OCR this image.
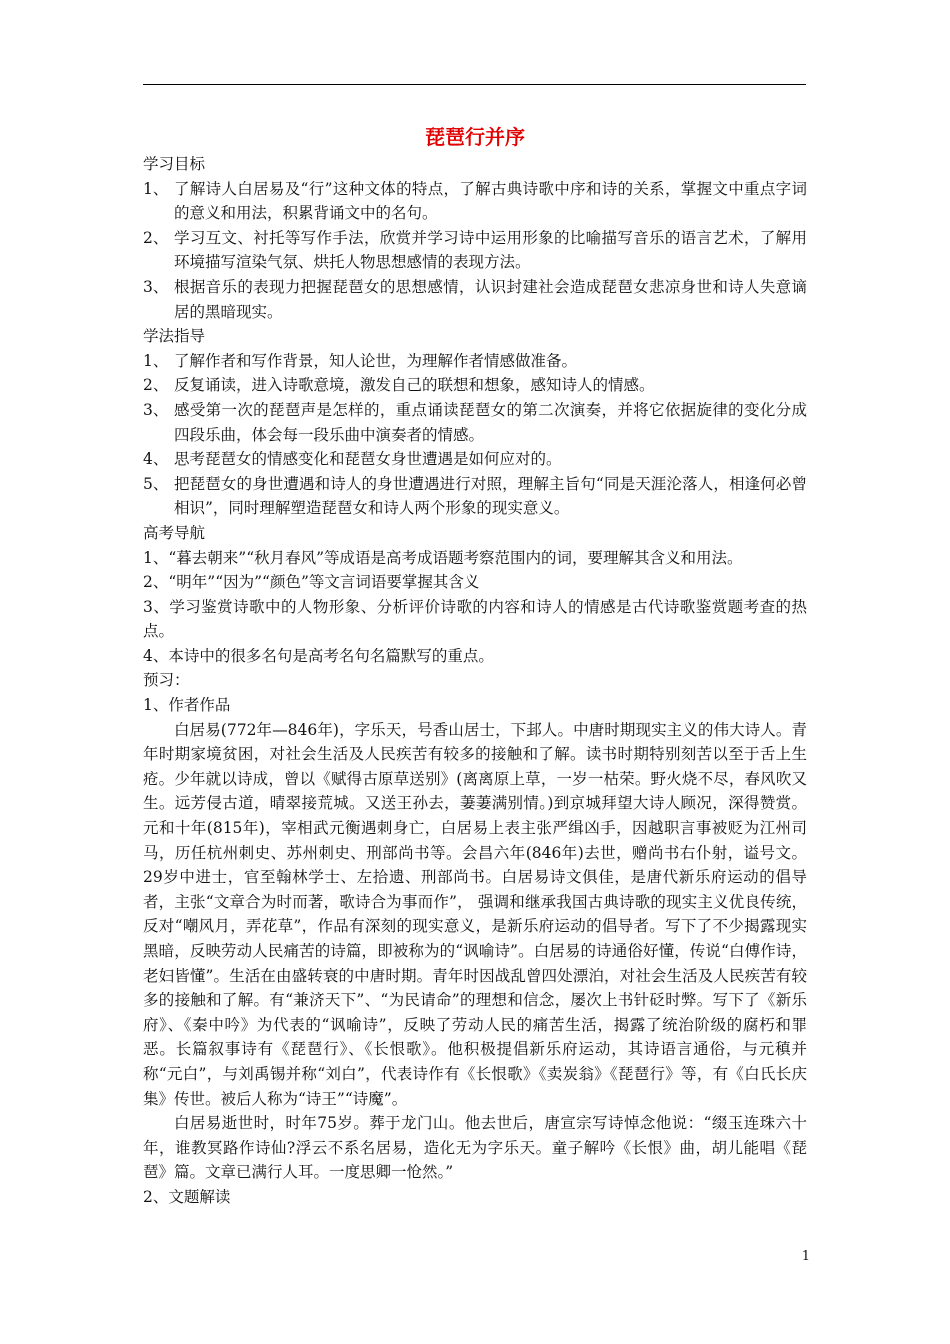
琵琶行并序
学习目标
1、 了解诗人白居易及“行”这种文体的特点，了解古典诗歌中序和诗的关系，掌握文中重点字词的意义和用法，积累背诵文中的名句。
2、 学习互文、衬托等写作手法，欣赏并学习诗中运用形象的比喻描写音乐的语言艺术，了解用环境描写渲染气氛、烘托人物思想感情的表现方法。
3、 根据音乐的表现力把握琵琶女的思想感情，认识封建社会造成琵琶女悲凉身世和诗人失意谪居的黑暗现实。
学法指导
1、 了解作者和写作背景，知人论世，为理解作者情感做准备。
2、 反复诵读，进入诗歌意境，激发自己的联想和想象，感知诗人的情感。
3、 感受第一次的琵琶声是怎样的，重点诵读琵琶女的第二次演奏，并将它依据旋律的变化分成四段乐曲，体会每一段乐曲中演奏者的情感。
4、 思考琵琶女的情感变化和琵琶女身世遭遇是如何应对的。
5、 把琵琶女的身世遭遇和诗人的身世遭遇进行对照，理解主旨句“同是天涯沦落人，相逢何必曾相识”，同时理解塑造琵琶女和诗人两个形象的现实意义。
高考导航
1、“暮去朝来”“秋月春风”等成语是高考成语题考察范围内的词，要理解其含义和用法。
2、“明年”“因为”“颜色”等文言词语要掌握其含义
3、学习鉴赏诗歌中的人物形象、分析评价诗歌的内容和诗人的情感是古代诗歌鉴赏题考查的热点。
4、本诗中的很多名句是高考名句名篇默写的重点。
预习：
1、作者作品
白居易(772年—846年)，字乐天，号香山居士，下邽人。中唐时期现实主义的伟大诗人。青年时期家境贫困，对社会生活及人民疾苦有较多的接触和了解。读书时期特别刻苦以至于舌上生疮。少年就以诗成，曾以《赋得古原草送别》(离离原上草，一岁一枯荣。野火烧不尽，春风吹又生。远芳侵古道，晴翠接荒城。又送王孙去，萋萋满别情。)到京城拜望大诗人顾况，深得赞赏。元和十年(815年)，宰相武元衡遇刺身亡，白居易上表主张严缉凶手，因越职言事被贬为江州司马，历任杭州刺史、苏州刺史、刑部尚书等。会昌六年(846年)去世，赠尚书右仆射，谥号文。29岁中进士，官至翰林学士、左拾遗、刑部尚书。白居易诗文俱佳，是唐代新乐府运动的倡导者，主张“文章合为时而著，歌诗合为事而作”， 强调和继承我国古典诗歌的现实主义优良传统，反对“嘲风月，弄花草”，作品有深刻的现实意义，是新乐府运动的倡导者。写下了不少揭露现实黑暗，反映劳动人民痛苦的诗篇，即被称为的“讽喻诗”。白居易的诗通俗好懂，传说“白傅作诗，老妇皆懂”。生活在由盛转衰的中唐时期。青年时因战乱曾四处漂泊，对社会生活及人民疾苦有较多的接触和了解。有“兼济天下”、“为民请命”的理想和信念，屡次上书针砭时弊。写下了《新乐府》、《秦中吟》为代表的“讽喻诗”，反映了劳动人民的痛苦生活，揭露了统治阶级的腐朽和罪恶。长篇叙事诗有《琵琶行》、《长恨歌》。他积极提倡新乐府运动，其诗语言通俗，与元稹并称“元白”，与刘禹锡并称“刘白”，代表诗作有《长恨歌》《卖炭翁》《琵琶行》等，有《白氏长庆集》传世。被后人称为“诗王”“诗魔”。
白居易逝世时，时年75岁。葬于龙门山。他去世后，唐宣宗写诗悼念他说：“缀玉连珠六十年，谁教冥路作诗仙?浮云不系名居易，造化无为字乐天。童子解吟《长恨》曲，胡儿能唱《琵琶》篇。文章已满行人耳。一度思卿一怆然。”
2、文题解读
1
